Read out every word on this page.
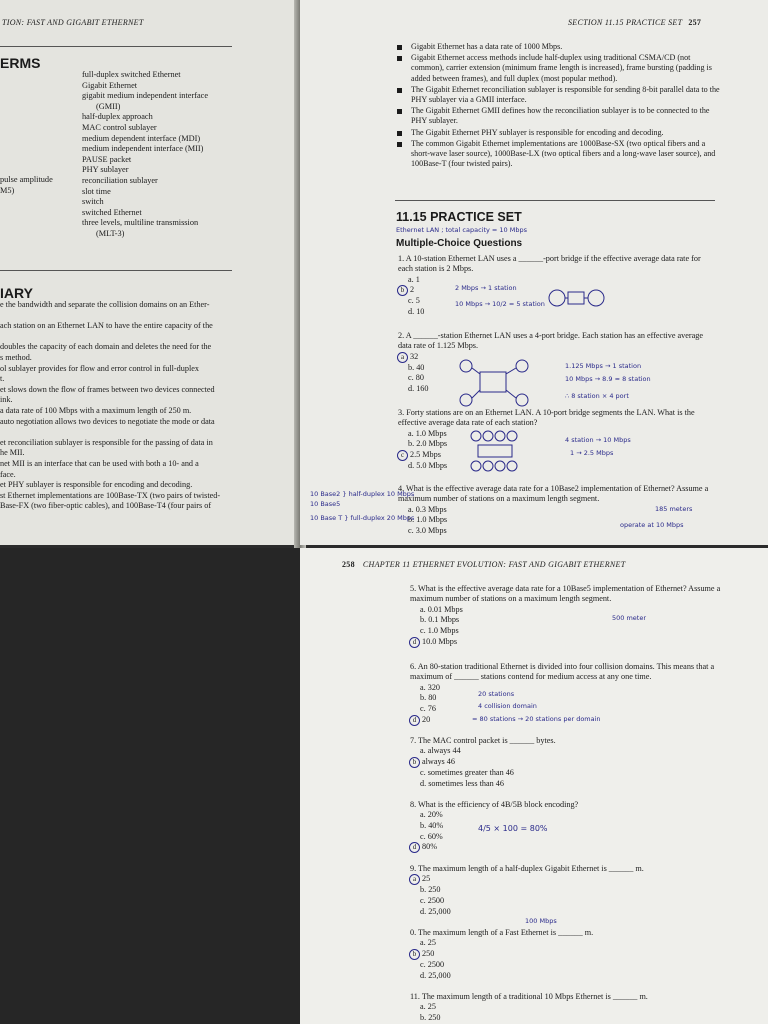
TION: FAST AND GIGABIT ETHERNET
ERMS
full-duplex switched Ethernet
Gigabit Ethernet
gigabit medium independent interface
(GMII)
half-duplex approach
MAC control sublayer
medium dependent interface (MDI)
medium independent interface (MII)
PAUSE packet
PHY sublayer
reconciliation sublayer
slot time
switch
switched Ethernet
three levels, multiline transmission
(MLT-3)
pulse amplitude
M5)
IARY
e the bandwidth and separate the collision domains on an Ether-
ach station on an Ethernet LAN to have the entire capacity of the
doubles the capacity of each domain and deletes the need for the
s method.
ol sublayer provides for flow and error control in full-duplex
t.
et slows down the flow of frames between two devices connected
ink.
a data rate of 100 Mbps with a maximum length of 250 m.
auto negotiation allows two devices to negotiate the mode or data
et reconciliation sublayer is responsible for the passing of data in
he MII.
net MII is an interface that can be used with both a 10- and a
face.
et PHY sublayer is responsible for encoding and decoding.
st Ethernet implementations are 100Base-TX (two pairs of twisted-
Base-FX (two fiber-optic cables), and 100Base-T4 (four pairs of
SECTION 11.15 PRACTICE SET 257
Gigabit Ethernet has a data rate of 1000 Mbps.
Gigabit Ethernet access methods include half-duplex using traditional CSMA/CD (not common), carrier extension (minimum frame length is increased), frame bursting (padding is added between frames), and full duplex (most popular method).
The Gigabit Ethernet reconciliation sublayer is responsible for sending 8-bit parallel data to the PHY sublayer via a GMII interface.
The Gigabit Ethernet GMII defines how the reconciliation sublayer is to be connected to the PHY sublayer.
The Gigabit Ethernet PHY sublayer is responsible for encoding and decoding.
The common Gigabit Ethernet implementations are 1000Base-SX (two optical fibers and a short-wave laser source), 1000Base-LX (two optical fibers and a long-wave laser source), and 100Base-T (four twisted pairs).
11.15 PRACTICE SET
Ethernet LAN ; total capacity = 10 Mbps
Multiple-Choice Questions
1. A 10-station Ethernet LAN uses a ______-port bridge if the effective average data rate for each station is 2 Mbps.
a. 1
b 2
c. 5
d. 10
2 Mbps → 1 station
10 Mbps → 10/2 = 5 station
2. A ______-station Ethernet LAN uses a 4-port bridge. Each station has an effective average data rate of 1.125 Mbps.
a 32
b. 40
c. 80
d. 160
1.125 Mbps → 1 station
10 Mbps → 8.9 ≈ 8 station
∴ 8 station × 4 port
3. Forty stations are on an Ethernet LAN. A 10-port bridge segments the LAN. What is the effective average data rate of each station?
a. 1.0 Mbps
b. 2.0 Mbps
c 2.5 Mbps
d. 5.0 Mbps
4 station → 10 Mbps
1 → 2.5 Mbps
4. What is the effective average data rate for a 10Base2 implementation of Ethernet? Assume a maximum number of stations on a maximum length segment.
a. 0.3 Mbps
b. 1.0 Mbps
c. 3.0 Mbps
10 Base2 } half-duplex 10 Mbps
10 Base5
10 Base T } full-duplex 20 Mbps
185 meters
operate at 10 Mbps
258 CHAPTER 11 ETHERNET EVOLUTION: FAST AND GIGABIT ETHERNET
5. What is the effective average data rate for a 10Base5 implementation of Ethernet? Assume a maximum number of stations on a maximum length segment.
a. 0.01 Mbps
b. 0.1 Mbps
c. 1.0 Mbps
d 10.0 Mbps
500 meter
6. An 80-station traditional Ethernet is divided into four collision domains. This means that a maximum of ______ stations contend for medium access at any one time.
a. 320
b. 80
c. 76
d 20
20 stations
4 collision domain
= 80 stations → 20 stations per domain
7. The MAC control packet is ______ bytes.
a. always 44
b always 46
c. sometimes greater than 46
d. sometimes less than 46
8. What is the efficiency of 4B/5B block encoding?
a. 20%
b. 40%
c. 60%
d 80%
4/5 × 100 = 80%
9. The maximum length of a half-duplex Gigabit Ethernet is ______ m.
a 25
b. 250
c. 2500
d. 25,000
100 Mbps
0. The maximum length of a Fast Ethernet is ______ m.
a. 25
b 250
c. 2500
d. 25,000
11. The maximum length of a traditional 10 Mbps Ethernet is ______ m.
a. 25
b. 250
